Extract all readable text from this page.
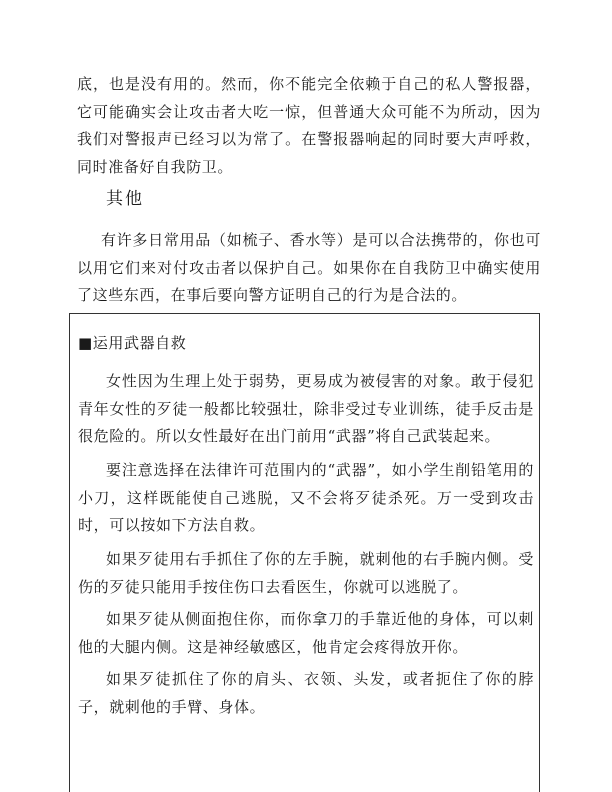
底，也是没有用的。然而，你不能完全依赖于自己的私人警报器，它可能确实会让攻击者大吃一惊，但普通大众可能不为所动，因为我们对警报声已经习以为常了。在警报器响起的同时要大声呼救，同时准备好自我防卫。
其他
有许多日常用品（如梳子、香水等）是可以合法携带的，你也可以用它们来对付攻击者以保护自己。如果你在自我防卫中确实使用了这些东西，在事后要向警方证明自己的行为是合法的。
■运用武器自救
女性因为生理上处于弱势，更易成为被侵害的对象。敢于侵犯青年女性的歹徒一般都比较强壮，除非受过专业训练，徒手反击是很危险的。所以女性最好在出门前用“武器”将自己武装起来。
要注意选择在法律许可范围内的“武器”，如小学生削铅笔用的小刀，这样既能使自己逃脱，又不会将歹徒杀死。万一受到攻击时，可以按如下方法自救。
如果歹徒用右手抓住了你的左手腕，就刺他的右手腕内侧。受伤的歹徒只能用手按住伤口去看医生，你就可以逃脱了。
如果歹徒从侧面抱住你，而你拿刀的手靠近他的身体，可以刺他的大腿内侧。这是神经敏感区，他肯定会疼得放开你。
如果歹徒抓住了你的肩头、衣领、头发，或者扼住了你的脖子，就刺他的手臂、身体。
